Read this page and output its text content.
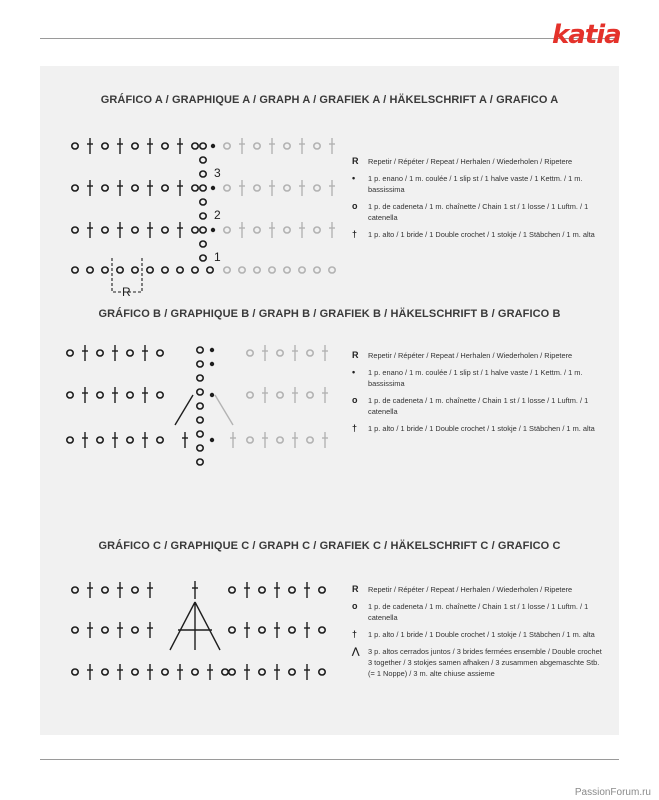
katia
GRÁFICO A / GRAPHIQUE A / GRAPH A / GRAFIEK A / HÄKELSCHRIFT A / GRAFICO A
R	Repetir / Répéter / Repeat / Herhalen / Wiederholen / Ripetere
•	1 p. enano / 1 m. coulée / 1 slip st / 1 halve vaste / 1 Kettm. / 1 m. bassissima
o	1 p. de cadeneta / 1 m. chaînette / Chain 1 st / 1 losse / 1 Luftm. / 1 catenella
†	1 p. alto / 1 bride / 1 Double crochet / 1 stokje / 1 Stäbchen / 1 m. alta
GRÁFICO B / GRAPHIQUE B / GRAPH B / GRAFIEK B / HÄKELSCHRIFT B / GRAFICO B
R	Repetir / Répéter / Repeat / Herhalen / Wiederholen / Ripetere
•	1 p. enano / 1 m. coulée / 1 slip st / 1 halve vaste / 1 Kettm. / 1 m. bassissima
o	1 p. de cadeneta / 1 m. chaînette / Chain 1 st / 1 losse / 1 Luftm. / 1 catenella
†	1 p. alto / 1 bride / 1 Double crochet / 1 stokje / 1 Stäbchen / 1 m. alta
GRÁFICO C / GRAPHIQUE C / GRAPH C / GRAFIEK C / HÄKELSCHRIFT C / GRAFICO C
R	Repetir / Répéter / Repeat / Herhalen / Wiederholen / Ripetere
o	1 p. de cadeneta / 1 m. chaînette / Chain 1 st / 1 losse / 1 Luftm. / 1 catenella
†	1 p. alto / 1 bride / 1 Double crochet / 1 stokje / 1 Stäbchen / 1 m. alta
⋀	3 p. altos cerrados juntos / 3 brides fermées ensemble / Double crochet 3 together / 3 stokjes samen afhaken / 3 zusammen abgemaschte Stb. (= 1 Noppe) / 3 m. alte chiuse assieme
3
2
1
R
PassionForum.ru
